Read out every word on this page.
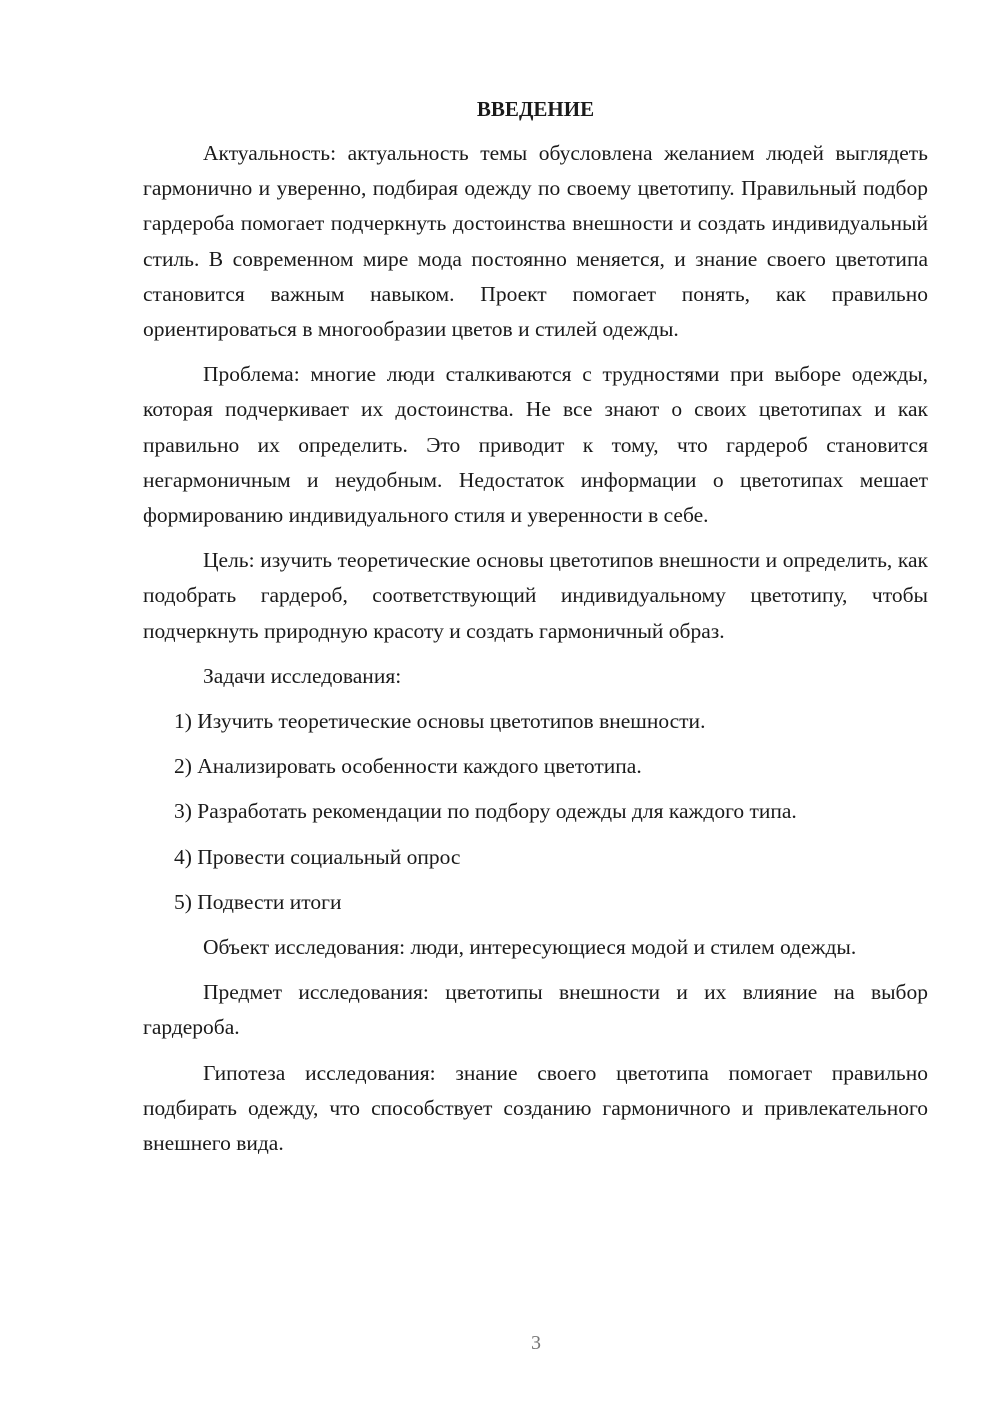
ВВЕДЕНИЕ

Актуальность: актуальность темы обусловлена желанием людей выглядеть гармонично и уверенно, подбирая одежду по своему цветотипу. Правильный подбор гардероба помогает подчеркнуть достоинства внешности и создать индивидуальный стиль. В современном мире мода постоянно меняется, и знание своего цветотипа становится важным навыком. Проект помогает понять, как правильно ориентироваться в многообразии цветов и стилей одежды.

Проблема: многие люди сталкиваются с трудностями при выборе одежды, которая подчеркивает их достоинства. Не все знают о своих цветотипах и как правильно их определить. Это приводит к тому, что гардероб становится негармоничным и неудобным. Недостаток информации о цветотипах мешает формированию индивидуального стиля и уверенности в себе.

Цель: изучить теоретические основы цветотипов внешности и определить, как подобрать гардероб, соответствующий индивидуальному цветотипу, чтобы подчеркнуть природную красоту и создать гармоничный образ.

Задачи исследования:

1) Изучить теоретические основы цветотипов внешности.

2) Анализировать особенности каждого цветотипа.

3) Разработать рекомендации по подбору одежды для каждого типа.

4) Провести социальный опрос

5) Подвести итоги

Объект исследования: люди, интересующиеся модой и стилем одежды.

Предмет исследования: цветотипы внешности и их влияние на выбор гардероба.

Гипотеза исследования: знание своего цветотипа помогает правильно подбирать одежду, что способствует созданию гармоничного и привлекательного внешнего вида.

3
